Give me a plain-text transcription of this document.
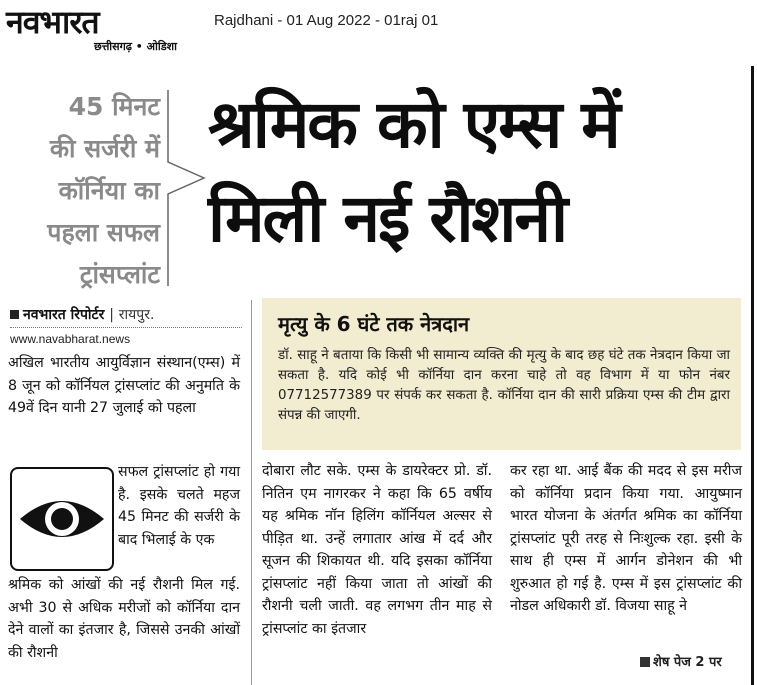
नवभारत
छत्तीसगढ़ • ओडिशा
Rajdhani - 01 Aug 2022 - 01raj 01
45 मिनट
की सर्जरी में
कॉर्निया का
पहला सफल
ट्रांसप्लांट
श्रमिक को एम्स में
मिली नई रौशनी
नवभारत रिपोर्टर | रायपुर.
www.navabharat.news
मृत्यु के 6 घंटे तक नेत्रदान
डॉ. साहू ने बताया कि किसी भी सामान्य व्यक्ति की मृत्यु के बाद छह घंटे तक नेत्रदान किया जा सकता है. यदि कोई भी कॉर्निया दान करना चाहे तो वह विभाग में या फोन नंबर 07712577389 पर संपर्क कर सकता है. कॉर्निया दान की सारी प्रक्रिया एम्स की टीम द्वारा संपन्न की जाएगी.
अखिल भारतीय आयुर्विज्ञान संस्थान(एम्स) में 8 जून को कॉर्नियल ट्रांसप्लांट की अनुमति के 49वें दिन यानी 27 जुलाई को पहला
सफल ट्रांसप्लांट हो गया है. इसके चलते महज 45 मिनट की सर्जरी के बाद भिलाई के एक
श्रमिक को आंखों की नई रौशनी मिल गई. अभी 30 से अधिक मरीजों को कॉर्निया दान देने वालों का इंतजार है, जिससे उनकी आंखों की रौशनी
दोबारा लौट सके. एम्स के डायरेक्टर प्रो. डॉ. नितिन एम नागरकर ने कहा कि 65 वर्षीय यह श्रमिक नॉन हिलिंग कॉर्नियल अल्सर से पीड़ित था. उन्हें लगातार आंख में दर्द और सूजन की शिकायत थी. यदि इसका कॉर्निया ट्रांसप्लांट नहीं किया जाता तो आंखों की रौशनी चली जाती. वह लगभग तीन माह से ट्रांसप्लांट का इंतजार
कर रहा था. आई बैंक की मदद से इस मरीज को कॉर्निया प्रदान किया गया. आयुष्मान भारत योजना के अंतर्गत श्रमिक का कॉर्निया ट्रांसप्लांट पूरी तरह से निःशुल्क रहा. इसी के साथ ही एम्स में आर्गन डोनेशन की भी शुरुआत हो गई है. एम्स में इस ट्रांसप्लांट की नोडल अधिकारी डॉ. विजया साहू ने
शेष पेज 2 पर
